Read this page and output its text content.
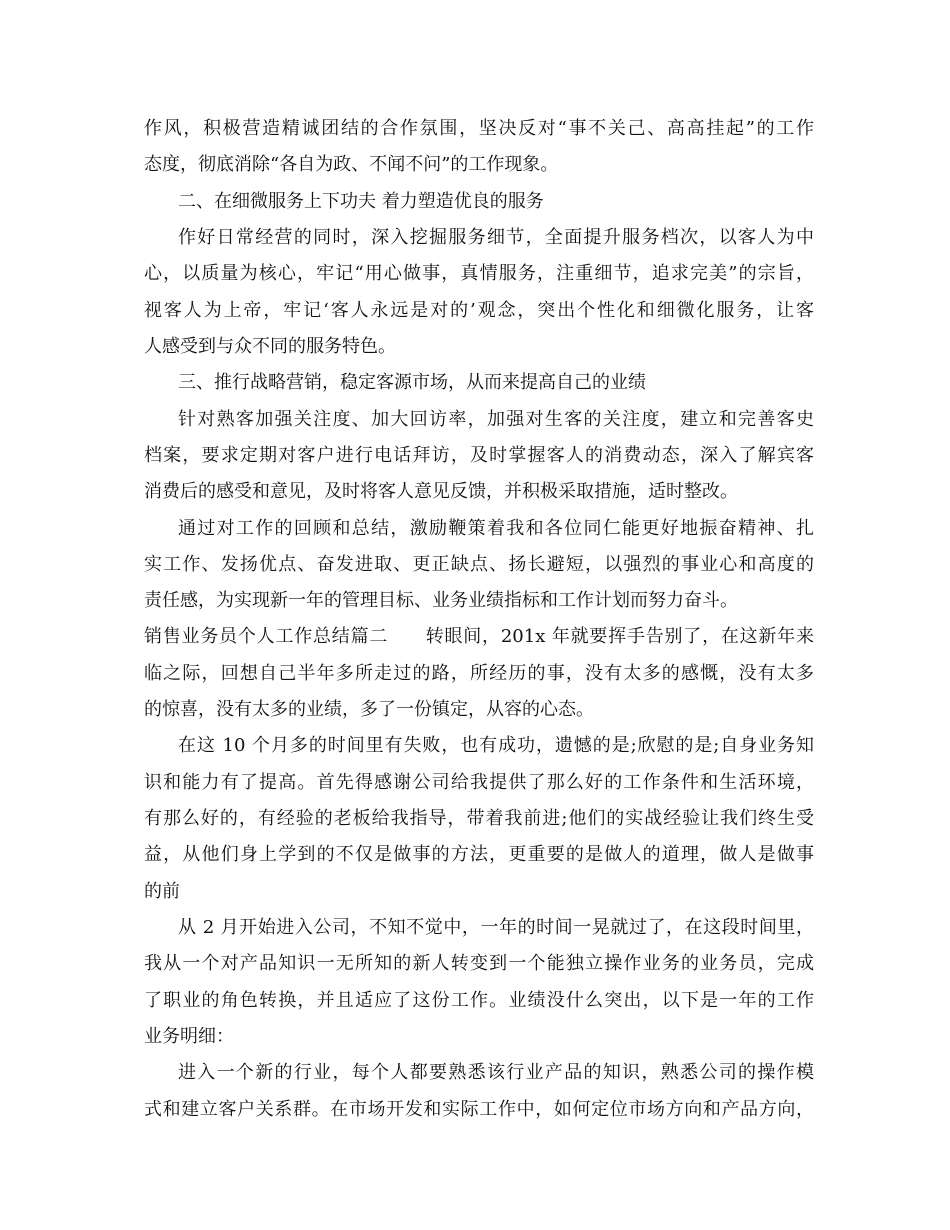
作风，积极营造精诚团结的合作氛围，坚决反对“事不关己、高高挂起”的工作
态度，彻底消除“各自为政、不闻不问”的工作现象。
二、在细微服务上下功夫 着力塑造优良的服务
作好日常经营的同时，深入挖掘服务细节，全面提升服务档次，以客人为中
心，以质量为核心，牢记“用心做事，真情服务，注重细节，追求完美”的宗旨，
视客人为上帝，牢记‘客人永远是对的’观念，突出个性化和细微化服务，让客
人感受到与众不同的服务特色。
三、推行战略营销，稳定客源市场，从而来提高自己的业绩
针对熟客加强关注度、加大回访率，加强对生客的关注度，建立和完善客史
档案，要求定期对客户进行电话拜访，及时掌握客人的消费动态，深入了解宾客
消费后的感受和意见，及时将客人意见反馈，并积极采取措施，适时整改。
通过对工作的回顾和总结，激励鞭策着我和各位同仁能更好地振奋精神、扎
实工作、发扬优点、奋发进取、更正缺点、扬长避短，以强烈的事业心和高度的
责任感，为实现新一年的管理目标、业务业绩指标和工作计划而努力奋斗。
销售业务员个人工作总结篇二　　转眼间，201x 年就要挥手告别了，在这新年来
临之际，回想自己半年多所走过的路，所经历的事，没有太多的感慨，没有太多
的惊喜，没有太多的业绩，多了一份镇定，从容的心态。
在这 10 个月多的时间里有失败，也有成功，遗憾的是;欣慰的是;自身业务知
识和能力有了提高。首先得感谢公司给我提供了那么好的工作条件和生活环境，
有那么好的，有经验的老板给我指导，带着我前进;他们的实战经验让我们终生受
益，从他们身上学到的不仅是做事的方法，更重要的是做人的道理，做人是做事
的前
从 2 月开始进入公司，不知不觉中，一年的时间一晃就过了，在这段时间里，
我从一个对产品知识一无所知的新人转变到一个能独立操作业务的业务员，完成
了职业的角色转换，并且适应了这份工作。业绩没什么突出，以下是一年的工作
业务明细：
进入一个新的行业，每个人都要熟悉该行业产品的知识，熟悉公司的操作模
式和建立客户关系群。在市场开发和实际工作中，如何定位市场方向和产品方向，
